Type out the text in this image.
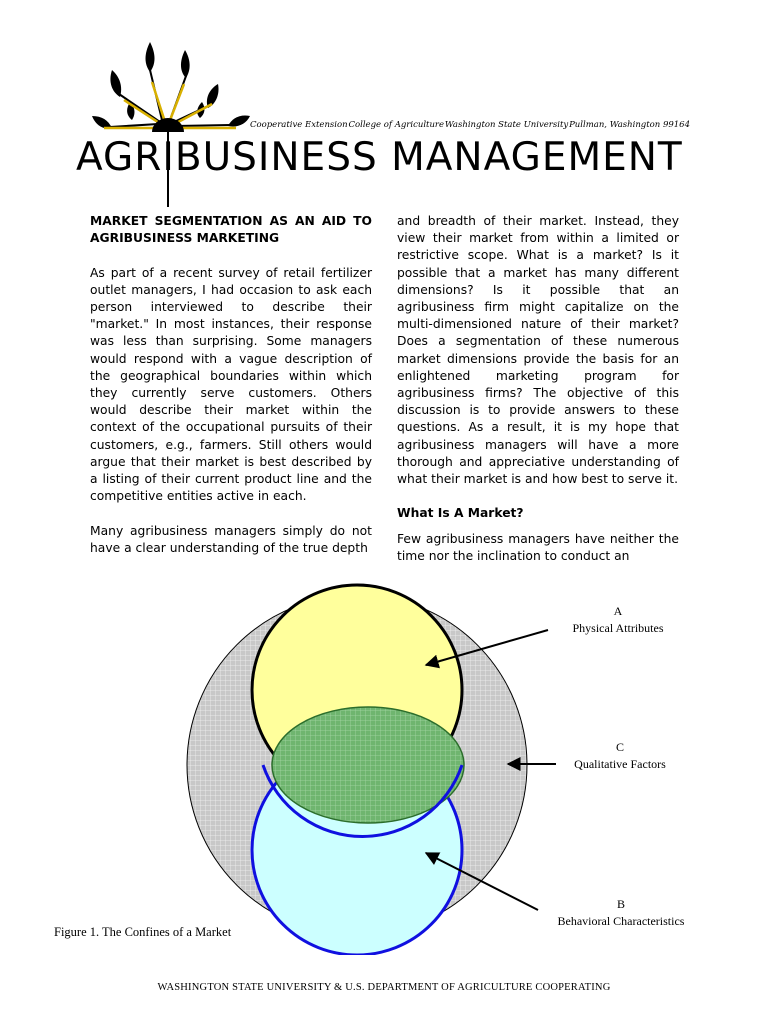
Cooperative Extension College of Agriculture Washington State University Pullman, Washington 99164
AGRIBUSINESS MANAGEMENT
MARKET SEGMENTATION AS AN AID TO AGRIBUSINESS MARKETING

As part of a recent survey of retail fertilizer outlet managers, I had occasion to ask each person interviewed to describe their "market." In most instances, their response was less than surprising. Some managers would respond with a vague description of the geographical boundaries within which they currently serve customers. Others would describe their market within the context of the occupational pursuits of their customers, e.g., farmers. Still others would argue that their market is best described by a listing of their current product line and the competitive entities active in each.

Many agribusiness managers simply do not have a clear understanding of the true depth

and breadth of their market. Instead, they view their market from within a limited or restrictive scope. What is a market? Is it possible that a market has many different dimensions? Is it possible that an agribusiness firm might capitalize on the multi-dimensioned nature of their market? Does a segmentation of these numerous market dimensions provide the basis for an enlightened marketing program for agribusiness firms? The objective of this discussion is to provide answers to these questions. As a result, it is my hope that agribusiness managers will have a more thorough and appreciative understanding of what their market is and how best to serve it.

What Is A Market?

Few agribusiness managers have neither the time nor the inclination to conduct an

A
Physical Attributes
C
Qualitative Factors
B
Behavioral Characteristics
Figure 1. The Confines of a Market
WASHINGTON STATE UNIVERSITY & U.S. DEPARTMENT OF AGRICULTURE COOPERATING
